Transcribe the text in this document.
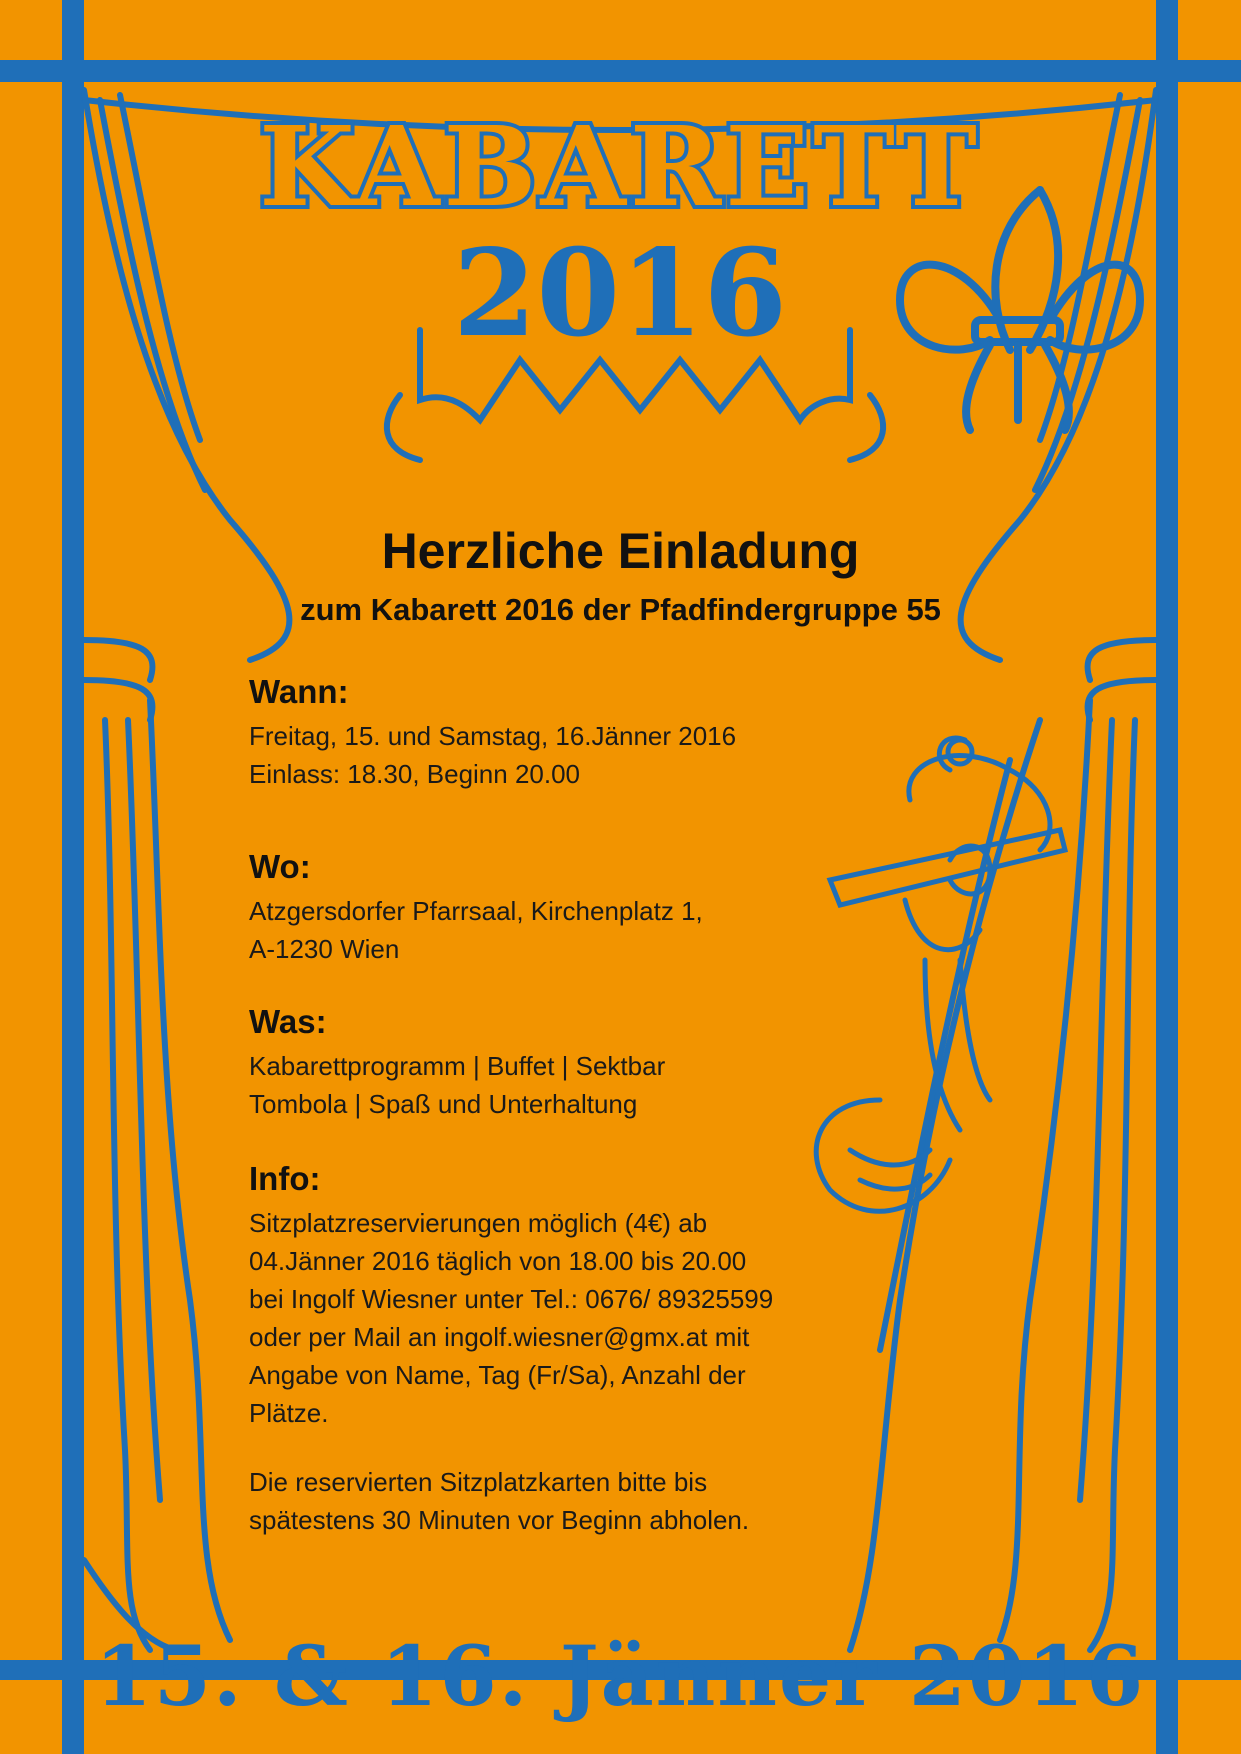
KABARETT
2016
15. & 16. Jänner 2016
Herzliche Einladung
zum Kabarett 2016 der Pfadfindergruppe 55

Wann:

Freitag, 15. und Samstag, 16.Jänner 2016

Einlass: 18.30, Beginn 20.00

Wo:

Atzgersdorfer Pfarrsaal, Kirchenplatz 1,

A-1230 Wien

Was:

Kabarettprogramm | Buffet | Sektbar

Tombola | Spaß und Unterhaltung

Info:

Sitzplatzreservierungen möglich (4€) ab

04.Jänner 2016 täglich von 18.00 bis 20.00

bei Ingolf Wiesner unter Tel.: 0676/ 89325599

oder per Mail an ingolf.wiesner@gmx.at mit

Angabe von Name, Tag (Fr/Sa), Anzahl der

Plätze.

Die reservierten Sitzplatzkarten bitte bis

spätestens 30 Minuten vor Beginn abholen.
